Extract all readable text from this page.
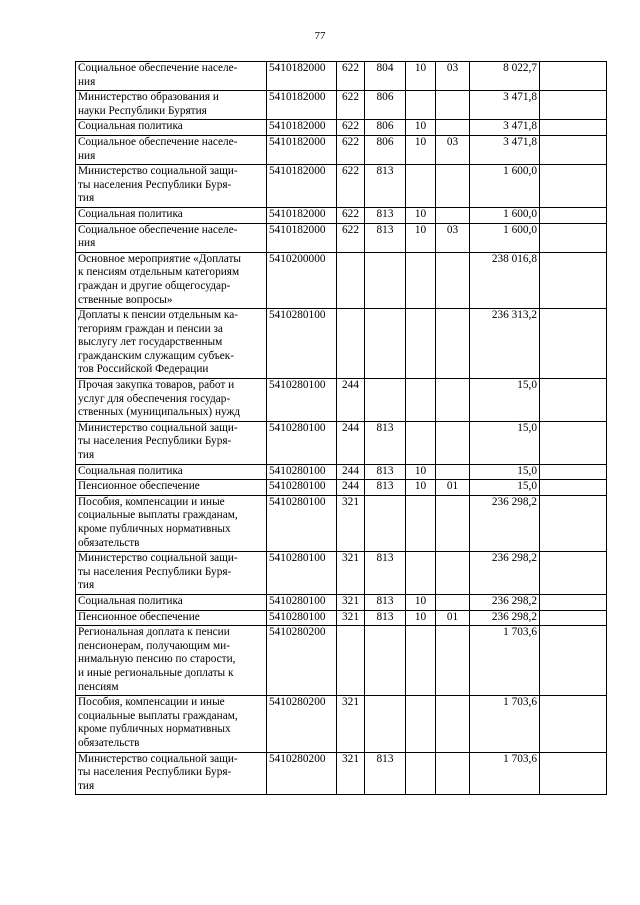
77
Социальное обеспечение населе-
ния	5410182000	622	804	10	03	8 022,7	
Министерство образования и
науки Республики Бурятия	5410182000	622	806			3 471,8	
Социальная политика	5410182000	622	806	10		3 471,8	
Социальное обеспечение населе-
ния	5410182000	622	806	10	03	3 471,8	
Министерство социальной защи-
ты населения Республики Буря-
тия	5410182000	622	813			1 600,0	
Социальная политика	5410182000	622	813	10		1 600,0	
Социальное обеспечение населе-
ния	5410182000	622	813	10	03	1 600,0	
Основное мероприятие «Доплаты
к пенсиям отдельным категориям
граждан и другие общегосудар-
ственные вопросы»	5410200000					238 016,8	
Доплаты к пенсии отдельным ка-
тегориям граждан и пенсии за
выслугу лет государственным
гражданским служащим субъек-
тов Российской Федерации	5410280100					236 313,2	
Прочая закупка товаров, работ и
услуг для обеспечения государ-
ственных (муниципальных) нужд	5410280100	244				15,0	
Министерство социальной защи-
ты населения Республики Буря-
тия	5410280100	244	813			15,0	
Социальная политика	5410280100	244	813	10		15,0	
Пенсионное обеспечение	5410280100	244	813	10	01	15,0	
Пособия, компенсации и иные
социальные выплаты гражданам,
кроме публичных нормативных
обязательств	5410280100	321				236 298,2	
Министерство социальной защи-
ты населения Республики Буря-
тия	5410280100	321	813			236 298,2	
Социальная политика	5410280100	321	813	10		236 298,2	
Пенсионное обеспечение	5410280100	321	813	10	01	236 298,2	
Региональная доплата к пенсии
пенсионерам, получающим ми-
нимальную пенсию по старости,
и иные региональные доплаты к
пенсиям	5410280200					1 703,6	
Пособия, компенсации и иные
социальные выплаты гражданам,
кроме публичных нормативных
обязательств	5410280200	321				1 703,6	
Министерство социальной защи-
ты населения Республики Буря-
тия	5410280200	321	813			1 703,6	
